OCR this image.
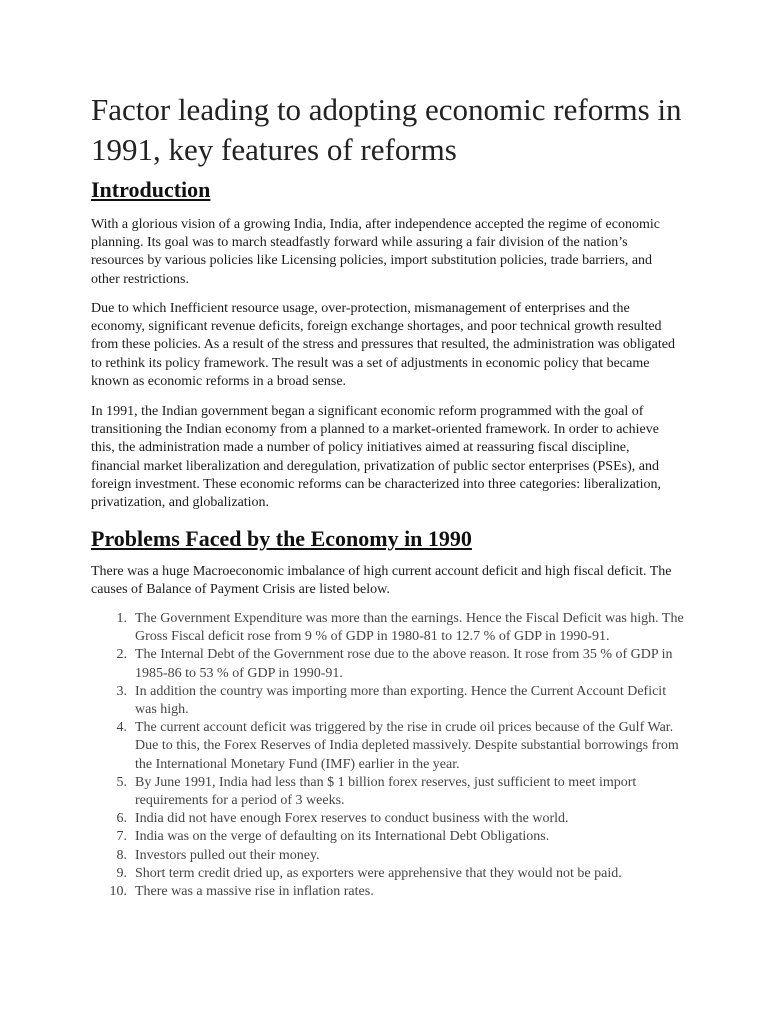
Factor leading to adopting economic reforms in 1991, key features of reforms
Introduction

With a glorious vision of a growing India, India, after independence accepted the regime of economic planning. Its goal was to march steadfastly forward while assuring a fair division of the nation’s resources by various policies like Licensing policies, import substitution policies, trade barriers, and other restrictions.

Due to which Inefficient resource usage, over-protection, mismanagement of enterprises and the economy, significant revenue deficits, foreign exchange shortages, and poor technical growth resulted from these policies. As a result of the stress and pressures that resulted, the administration was obligated to rethink its policy framework. The result was a set of adjustments in economic policy that became known as economic reforms in a broad sense.

In 1991, the Indian government began a significant economic reform programmed with the goal of transitioning the Indian economy from a planned to a market-oriented framework. In order to achieve this, the administration made a number of policy initiatives aimed at reassuring fiscal discipline, financial market liberalization and deregulation, privatization of public sector enterprises (PSEs), and foreign investment. These economic reforms can be characterized into three categories: liberalization, privatization, and globalization.

Problems Faced by the Economy in 1990

There was a huge Macroeconomic imbalance of high current account deficit and high fiscal deficit. The causes of Balance of Payment Crisis are listed below.

1. The Government Expenditure was more than the earnings. Hence the Fiscal Deficit was high. The Gross Fiscal deficit rose from 9 % of GDP in 1980-81 to 12.7 % of GDP in 1990-91.
2. The Internal Debt of the Government rose due to the above reason. It rose from 35 % of GDP in 1985-86 to 53 % of GDP in 1990-91.
3. In addition the country was importing more than exporting. Hence the Current Account Deficit was high.
4. The current account deficit was triggered by the rise in crude oil prices because of the Gulf War. Due to this, the Forex Reserves of India depleted massively. Despite substantial borrowings from the International Monetary Fund (IMF) earlier in the year.
5. By June 1991, India had less than $ 1 billion forex reserves, just sufficient to meet import requirements for a period of 3 weeks.
6. India did not have enough Forex reserves to conduct business with the world.
7. India was on the verge of defaulting on its International Debt Obligations.
8. Investors pulled out their money.
9. Short term credit dried up, as exporters were apprehensive that they would not be paid.
10. There was a massive rise in inflation rates.
